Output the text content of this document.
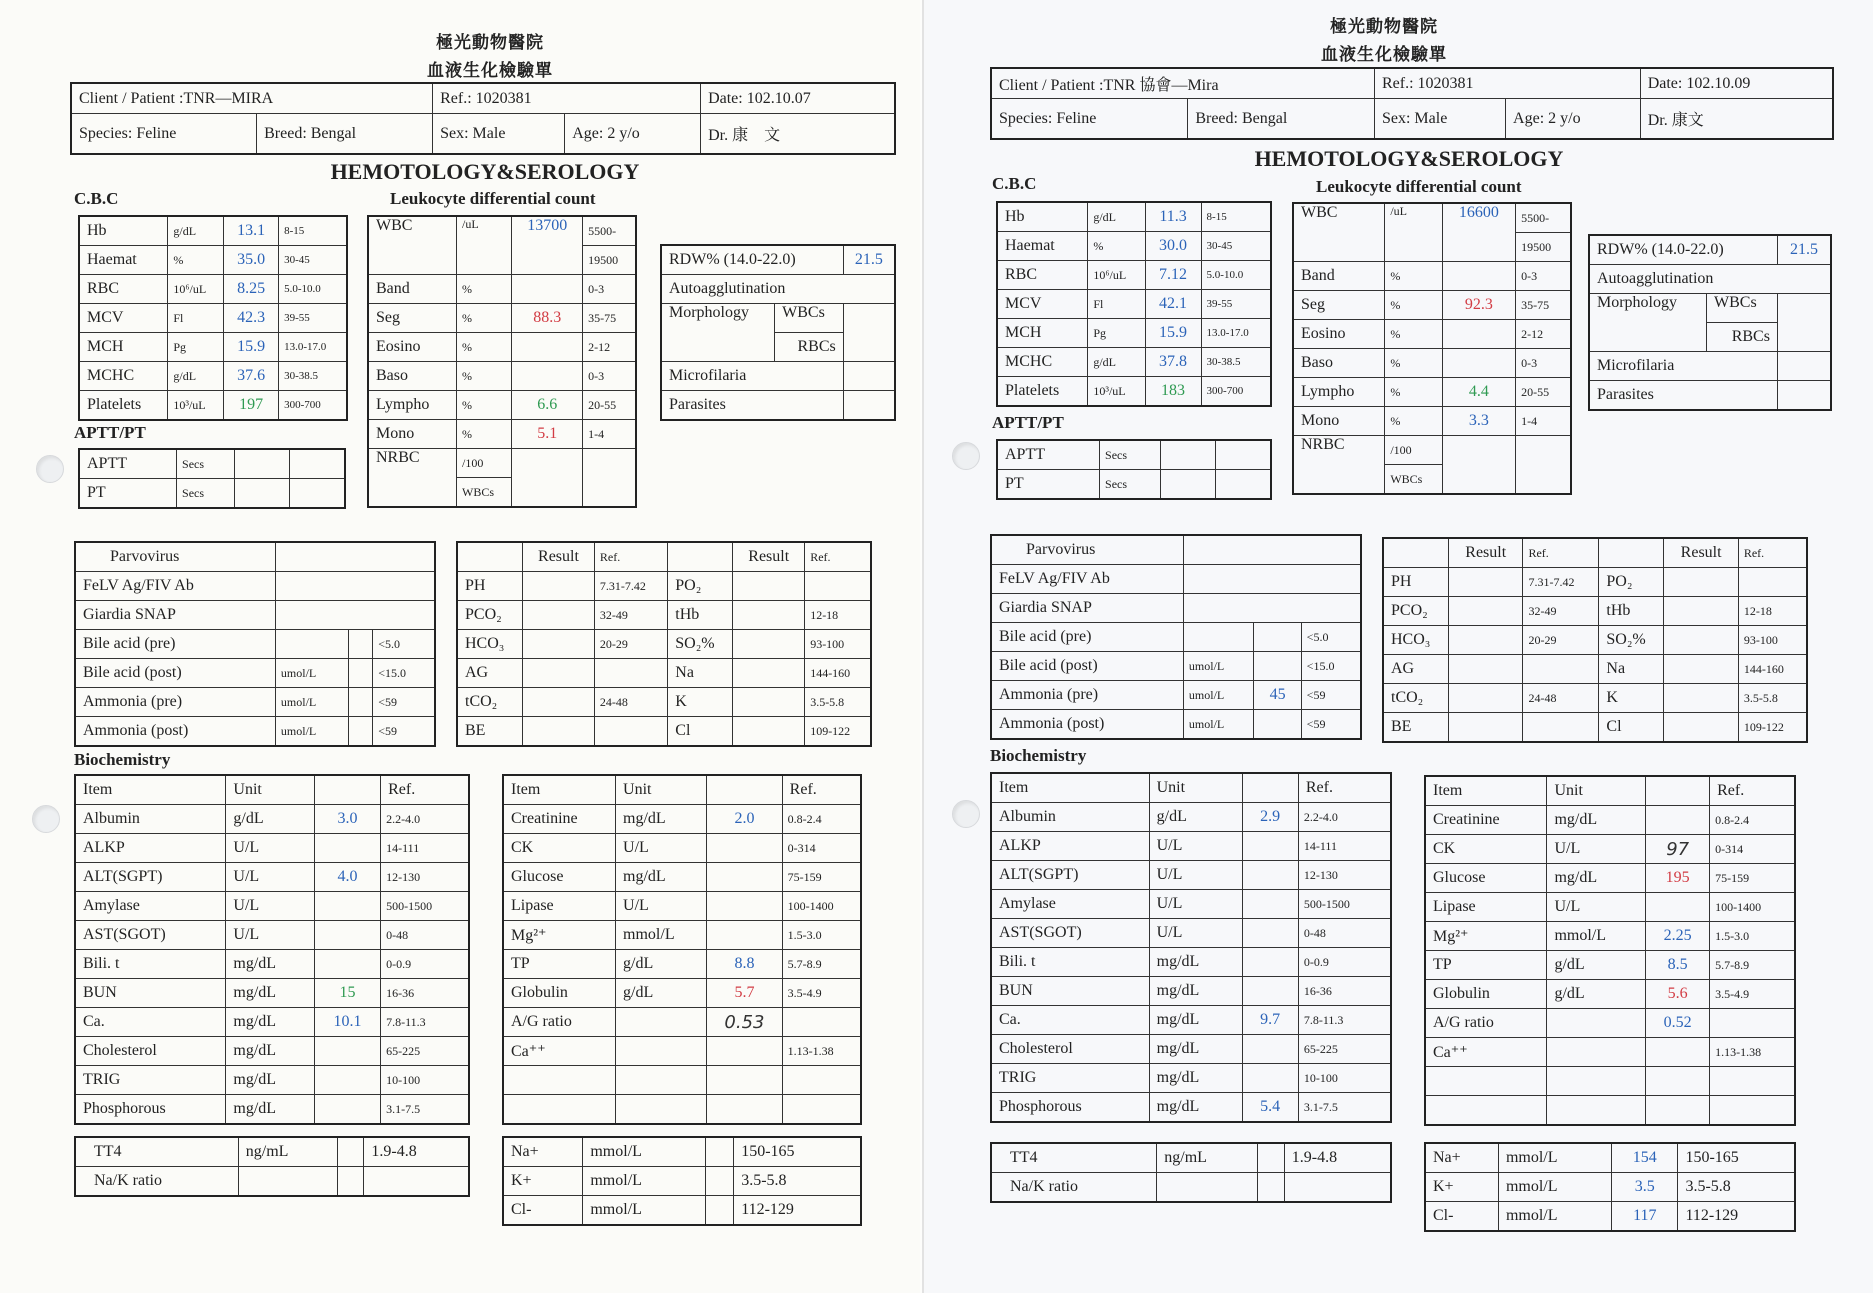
極光動物醫院
血液生化檢驗單
Client / Patient :TNR—MIRA		Ref.: 1020381		Date: 102.10.07
Species: Feline	Breed: Bengal	Sex: Male	Age: 2 y/o	Dr. 康　文
HEMOTOLOGY&SEROLOGY
C.B.C	Leukocyte differential count
Hb	g/dL	13.1	8-15
Haemat	%	35.0	30-45
RBC	10⁶/uL	8.25	5.0-10.0
MCV	Fl	42.3	39-55
MCH	Pg	15.9	13.0-17.0
MCHC	g/dL	37.6	30-38.5
Platelets	10³/uL	197	300-700
WBC	/uL	13700	5500-
			19500
Band	%		0-3
Seg	%	88.3	35-75
Eosino	%		2-12
Baso	%		0-3
Lympho	%	6.6	20-55
Mono	%	5.1	1-4
NRBC	/100		
	WBCs		
RDW% (14.0-22.0)		21.5
Autoagglutination		
Morphology	WBCs	
	RBCs	
Microfilaria		
Parasites		
APTT/PT
APTT	Secs		
PT	Secs		
Parvovirus			
FeLV Ag/FIV Ab			
Giardia SNAP			
Bile acid (pre)			<5.0
Bile acid (post)	umol/L		<15.0
Ammonia (pre)	umol/L		<59
Ammonia (post)	umol/L		<59
	Result	Ref.		Result	Ref.
PH		7.31-7.42	PO₂		
PCO₂		32-49	tHb		12-18
HCO₃		20-29	SO₂%		93-100
AG			Na		144-160
tCO₂		24-48	K		3.5-5.8
BE			Cl		109-122
Biochemistry
Item	Unit		Ref.
Albumin	g/dL	3.0	2.2-4.0
ALKP	U/L		14-111
ALT(SGPT)	U/L	4.0	12-130
Amylase	U/L		500-1500
AST(SGOT)	U/L		0-48
Bili. t	mg/dL		0-0.9
BUN	mg/dL	15	16-36
Ca.	mg/dL	10.1	7.8-11.3
Cholesterol	mg/dL		65-225
TRIG	mg/dL		10-100
Phosphorous	mg/dL		3.1-7.5
Item	Unit		Ref.
Creatinine	mg/dL	2.0	0.8-2.4
CK	U/L		0-314
Glucose	mg/dL		75-159
Lipase	U/L		100-1400
Mg²⁺	mmol/L		1.5-3.0
TP	g/dL	8.8	5.7-8.9
Globulin	g/dL	5.7	3.5-4.9
A/G ratio		0.53	
Ca⁺⁺			1.13-1.38

TT4	ng/mL		1.9-4.8
Na/K ratio			
Na+	mmol/L		150-165
K+	mmol/L		3.5-5.8
Cl-	mmol/L		112-129
極光動物醫院
血液生化檢驗單
Client / Patient :TNR 協會—Mira		Ref.: 1020381		Date: 102.10.09
Species: Feline	Breed: Bengal	Sex: Male	Age: 2 y/o	Dr. 康文
HEMOTOLOGY&SEROLOGY
C.B.C	Leukocyte differential count
Hb	g/dL	11.3	8-15
Haemat	%	30.0	30-45
RBC	10⁶/uL	7.12	5.0-10.0
MCV	Fl	42.1	39-55
MCH	Pg	15.9	13.0-17.0
MCHC	g/dL	37.8	30-38.5
Platelets	10³/uL	183	300-700
WBC	/uL	16600	5500-
			19500
Band	%		0-3
Seg	%	92.3	35-75
Eosino	%		2-12
Baso	%		0-3
Lympho	%	4.4	20-55
Mono	%	3.3	1-4
NRBC	/100		
	WBCs		
RDW% (14.0-22.0)		21.5
Autoagglutination		
Morphology	WBCs	
	RBCs	
Microfilaria		
Parasites		
APTT/PT
APTT	Secs		
PT	Secs		
Parvovirus			
FeLV Ag/FIV Ab			
Giardia SNAP			
Bile acid (pre)			<5.0
Bile acid (post)	umol/L		<15.0
Ammonia (pre)	umol/L	45	<59
Ammonia (post)	umol/L		<59
	Result	Ref.		Result	Ref.
PH		7.31-7.42	PO₂		
PCO₂		32-49	tHb		12-18
HCO₃		20-29	SO₂%		93-100
AG			Na		144-160
tCO₂		24-48	K		3.5-5.8
BE			Cl		109-122
Biochemistry
Item	Unit		Ref.
Albumin	g/dL	2.9	2.2-4.0
ALKP	U/L		14-111
ALT(SGPT)	U/L		12-130
Amylase	U/L		500-1500
AST(SGOT)	U/L		0-48
Bili. t	mg/dL		0-0.9
BUN	mg/dL		16-36
Ca.	mg/dL	9.7	7.8-11.3
Cholesterol	mg/dL		65-225
TRIG	mg/dL		10-100
Phosphorous	mg/dL	5.4	3.1-7.5
Item	Unit		Ref.
Creatinine	mg/dL		0.8-2.4
CK	U/L	97	0-314
Glucose	mg/dL	195	75-159
Lipase	U/L		100-1400
Mg²⁺	mmol/L	2.25	1.5-3.0
TP	g/dL	8.5	5.7-8.9
Globulin	g/dL	5.6	3.5-4.9
A/G ratio		0.52	
Ca⁺⁺			1.13-1.38

TT4	ng/mL		1.9-4.8
Na/K ratio			
Na+	mmol/L	154	150-165
K+	mmol/L	3.5	3.5-5.8
Cl-	mmol/L	117	112-129
